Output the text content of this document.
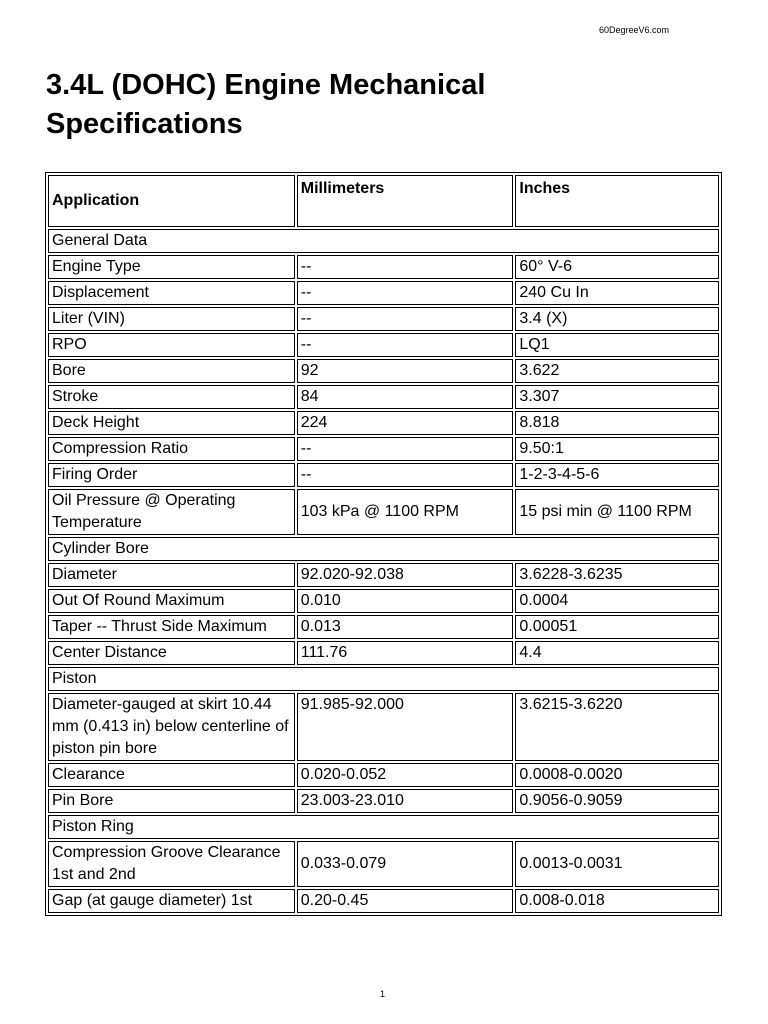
60DegreeV6.com
3.4L (DOHC) Engine Mechanical Specifications
Application	Millimeters	Inches
General Data		
Engine Type	--	60° V-6
Displacement	--	240 Cu In
Liter (VIN)	--	3.4 (X)
RPO	--	LQ1
Bore	92	3.622
Stroke	84	3.307
Deck Height	224	8.818
Compression Ratio	--	9.50:1
Firing Order	--	1-2-3-4-5-6
Oil Pressure @ Operating Temperature	103 kPa @ 1100 RPM	15 psi min @ 1100 RPM
Cylinder Bore		
Diameter	92.020-92.038	3.6228-3.6235
Out Of Round Maximum	0.010	0.0004
Taper -- Thrust Side Maximum	0.013	0.00051
Center Distance	111.76	4.4
Piston		
Diameter-gauged at skirt 10.44 mm (0.413 in) below centerline of piston pin bore	91.985-92.000	3.6215-3.6220
Clearance	0.020-0.052	0.0008-0.0020
Pin Bore	23.003-23.010	0.9056-0.9059
Piston Ring		
Compression Groove Clearance 1st and 2nd	0.033-0.079	0.0013-0.0031
Gap (at gauge diameter) 1st	0.20-0.45	0.008-0.018
1
